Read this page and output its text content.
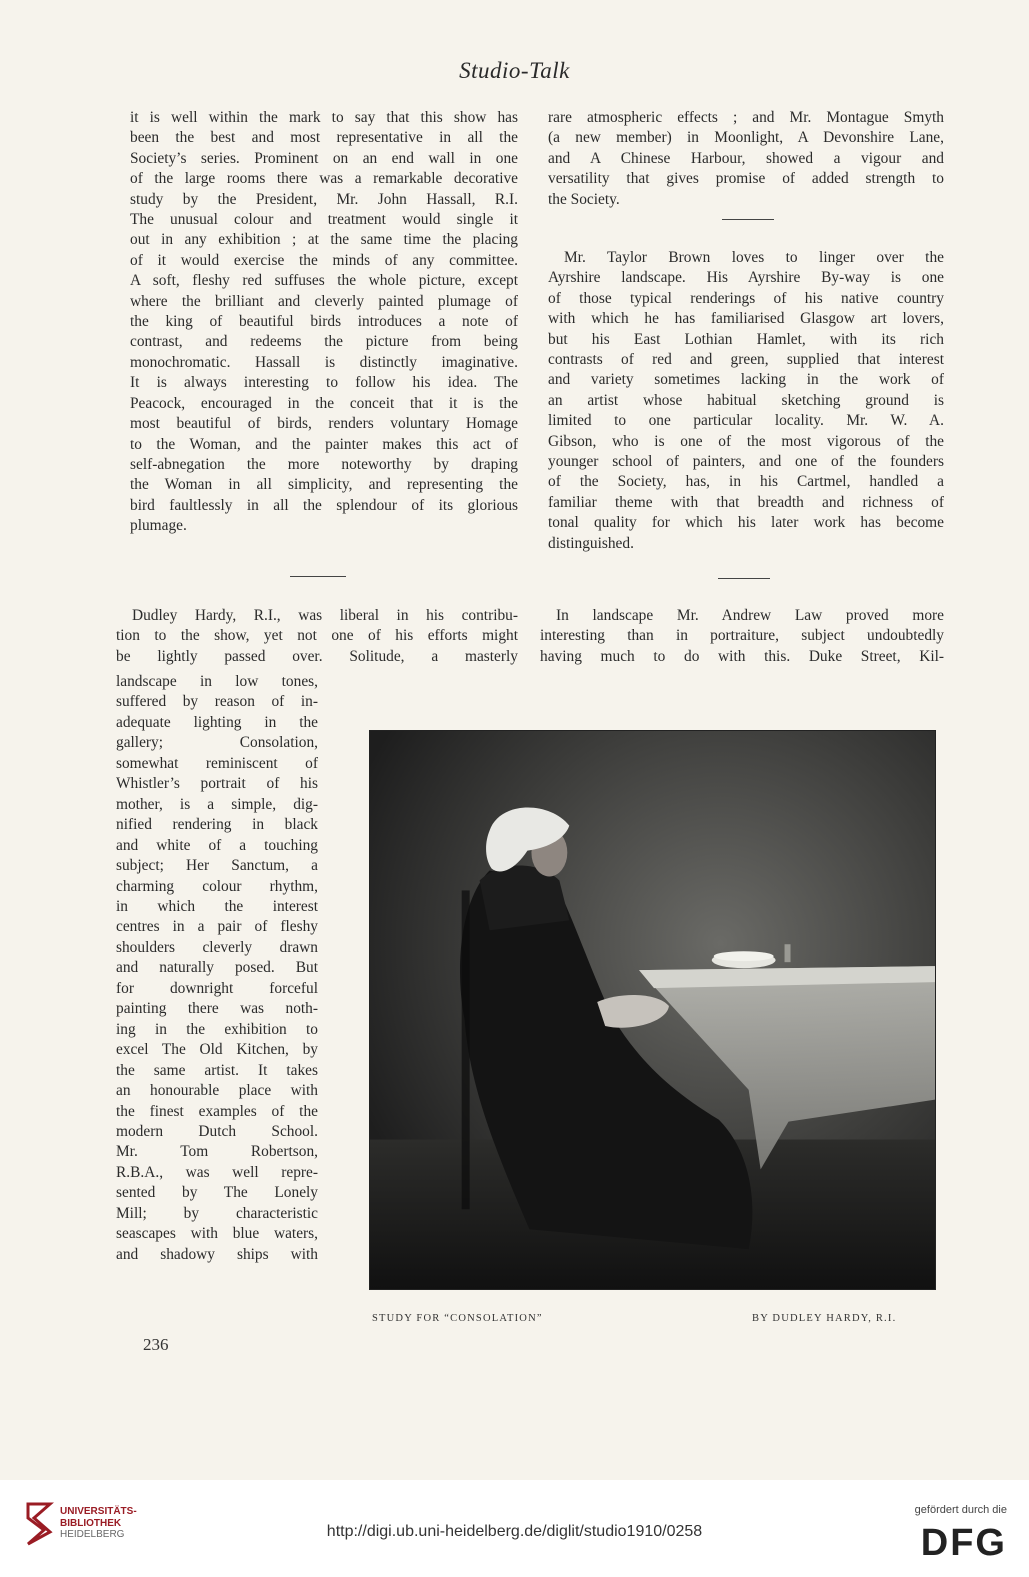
Studio-Talk

it is well within the mark to say that this show has
been the best and most representative in all the
Society’s series. Prominent on an end wall in one
of the large rooms there was a remarkable decorative
study by the President, Mr. John Hassall, R.I.
The unusual colour and treatment would single it
out in any exhibition ; at the same time the placing
of it would exercise the minds of any committee.
A soft, fleshy red suffuses the whole picture, except
where the brilliant and cleverly painted plumage of
the king of beautiful birds introduces a note of
contrast, and redeems the picture from being
monochromatic. Hassall is distinctly imaginative.
It is always interesting to follow his idea. The
Peacock, encouraged in the conceit that it is the
most beautiful of birds, renders voluntary Homage
to the Woman, and the painter makes this act of
self-abnegation the more noteworthy by draping
the Woman in all simplicity, and representing the
bird faultlessly in all the splendour of its glorious
plumage.

Dudley Hardy, R.I., was liberal in his contribu-
tion to the show, yet not one of his efforts might
be lightly passed over. Solitude, a masterly

landscape in low tones,
suffered by reason of in-
adequate lighting in the
gallery; Consolation,
somewhat reminiscent of
Whistler’s portrait of his
mother, is a simple, dig-
nified rendering in black
and white of a touching
subject; Her Sanctum, a
charming colour rhythm,
in which the interest
centres in a pair of fleshy
shoulders cleverly drawn
and naturally posed. But
for downright forceful
painting there was noth-
ing in the exhibition to
excel The Old Kitchen, by
the same artist. It takes
an honourable place with
the finest examples of the
modern Dutch School.
Mr. Tom Robertson,
R.B.A., was well repre-
sented by The Lonely
Mill; by characteristic
seascapes with blue waters,
and shadowy ships with

236

rare atmospheric effects ; and Mr. Montague Smyth
(a new member) in Moonlight, A Devonshire Lane,
and A Chinese Harbour, showed a vigour and
versatility that gives promise of added strength to
the Society.

Mr. Taylor Brown loves to linger over the
Ayrshire landscape. His Ayrshire By-way is one
of those typical renderings of his native country
with which he has familiarised Glasgow art lovers,
but his East Lothian Hamlet, with its rich
contrasts of red and green, supplied that interest
and variety sometimes lacking in the work of
an artist whose habitual sketching ground is
limited to one particular locality. Mr. W. A.
Gibson, who is one of the most vigorous of the
younger school of painters, and one of the founders
of the Society, has, in his Cartmel, handled a
familiar theme with that breadth and richness of
tonal quality for which his later work has become
distinguished.

In landscape Mr. Andrew Law proved more
interesting than in portraiture, subject undoubtedly
having much to do with this. Duke Street, Kil-

STUDY FOR “CONSOLATION”	BY DUDLEY HARDY, R.I.
UNIVERSITÄTS-
BIBLIOTHEK
HEIDELBERG	http://digi.ub.uni-heidelberg.de/diglit/studio1910/0258
gefördert durch die
DFG
